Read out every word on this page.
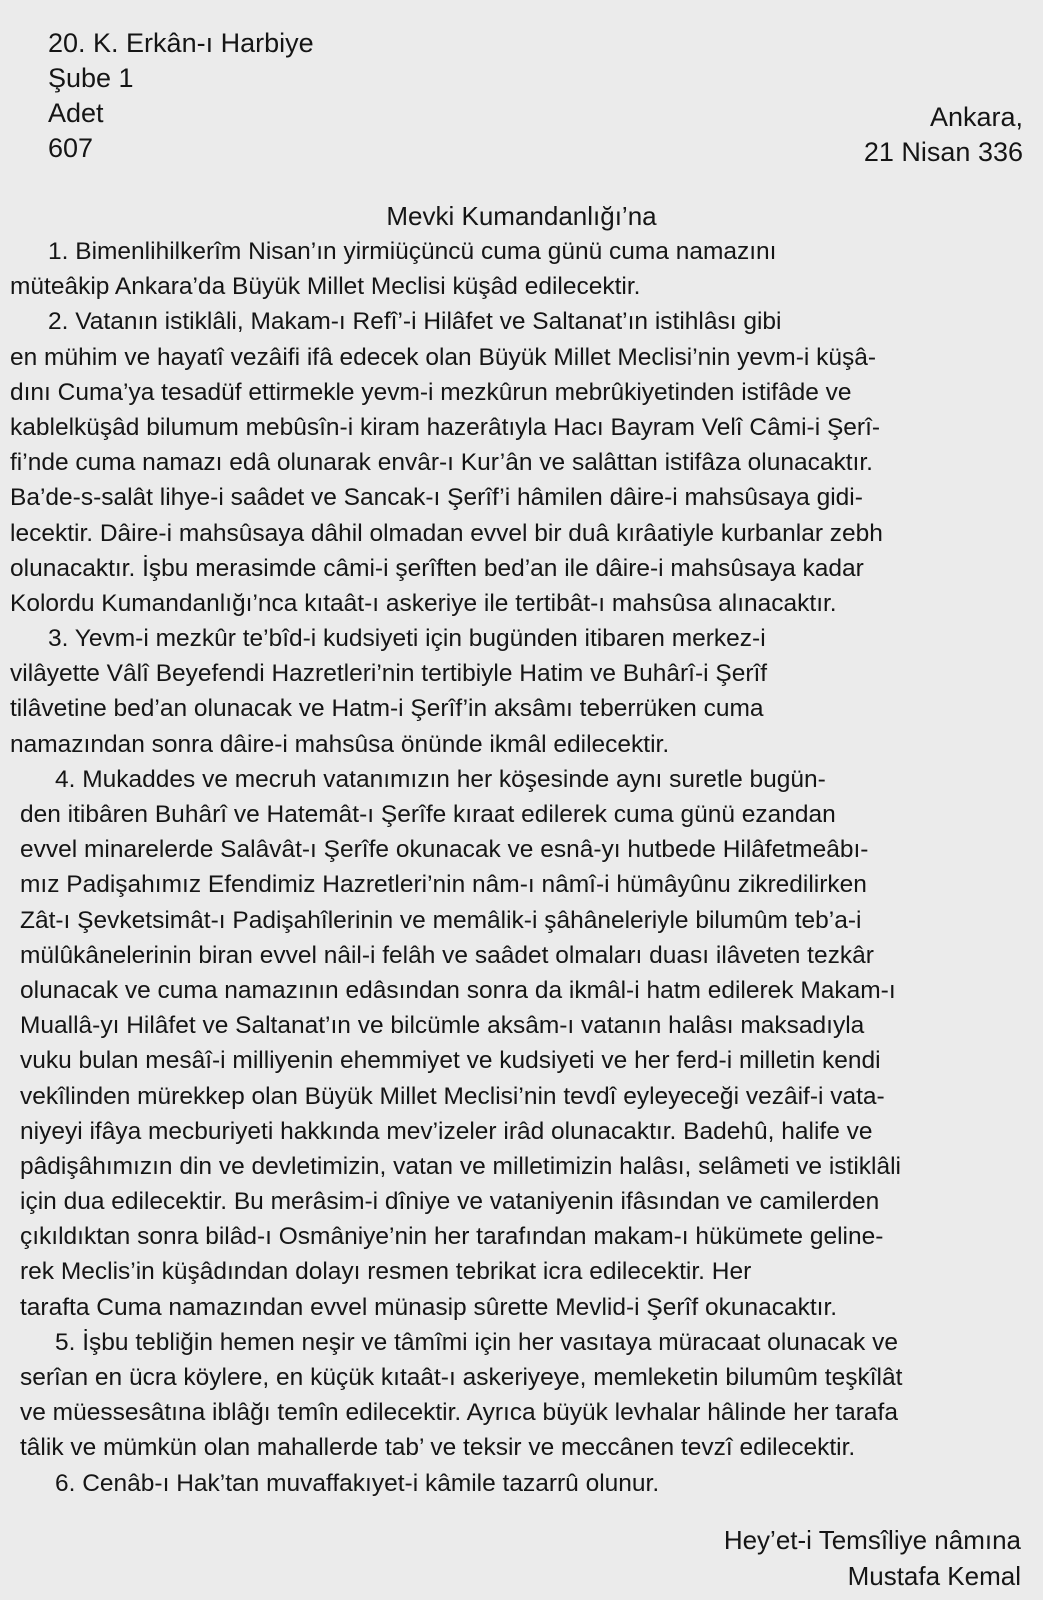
20. K. Erkân-ı Harbiye
Şube 1
Adet
607
Ankara,
21 Nisan 336
Mevki Kumandanlığı’na
1. Bimenlihilkerîm Nisan’ın yirmiüçüncü cuma günü cuma namazını
müteâkip Ankara’da Büyük Millet Meclisi küşâd edilecektir.
2. Vatanın istiklâli, Makam-ı Refî’-i Hilâfet ve Saltanat’ın istihlâsı gibi
en mühim ve hayatî vezâifi ifâ edecek olan Büyük Millet Meclisi’nin yevm-i küşâ-
dını Cuma’ya tesadüf ettirmekle yevm-i mezkûrun mebrûkiyetinden istifâde ve
kablelküşâd bilumum mebûsîn-i kiram hazerâtıyla Hacı Bayram Velî Câmi-i Şerî-
fi’nde cuma namazı edâ olunarak envâr-ı Kur’ân ve salâttan istifâza olunacaktır.
Ba’de-s-salât lihye-i saâdet ve Sancak-ı Şerîf’i hâmilen dâire-i mahsûsaya gidi-
lecektir. Dâire-i mahsûsaya dâhil olmadan evvel bir duâ kırâatiyle kurbanlar zebh
olunacaktır. İşbu merasimde câmi-i şerîften bed’an ile dâire-i mahsûsaya kadar
Kolordu Kumandanlığı’nca kıtaât-ı askeriye ile tertibât-ı mahsûsa alınacaktır.
3. Yevm-i mezkûr te’bîd-i kudsiyeti için bugünden itibaren merkez-i
vilâyette Vâlî Beyefendi Hazretleri’nin tertibiyle Hatim ve Buhârî-i Şerîf
tilâvetine bed’an olunacak ve Hatm-i Şerîf’in aksâmı teberrüken cuma
namazından sonra dâire-i mahsûsa önünde ikmâl edilecektir.
4. Mukaddes ve mecruh vatanımızın her köşesinde aynı suretle bugün-
den itibâren Buhârî ve Hatemât-ı Şerîfe kıraat edilerek cuma günü ezandan
evvel minarelerde Salâvât-ı Şerîfe okunacak ve esnâ-yı hutbede Hilâfetmeâbı-
mız Padişahımız Efendimiz Hazretleri’nin nâm-ı nâmî-i hümâyûnu zikredilirken
Zât-ı Şevketsimât-ı Padişahîlerinin ve memâlik-i şâhâneleriyle bilumûm teb’a-i
mülûkânelerinin biran evvel nâil-i felâh ve saâdet olmaları duası ilâveten tezkâr
olunacak ve cuma namazının edâsından sonra da ikmâl-i hatm edilerek Makam-ı
Muallâ-yı Hilâfet ve Saltanat’ın ve bilcümle aksâm-ı vatanın halâsı maksadıyla
vuku bulan mesâî-i milliyenin ehemmiyet ve kudsiyeti ve her ferd-i milletin kendi
vekîlinden mürekkep olan Büyük Millet Meclisi’nin tevdî eyleyeceği vezâif-i vata-
niyeyi ifâya mecburiyeti hakkında mev’izeler irâd olunacaktır. Badehû, halife ve
pâdişâhımızın din ve devletimizin, vatan ve milletimizin halâsı, selâmeti ve istiklâli
için dua edilecektir. Bu merâsim-i dîniye ve vataniyenin ifâsından ve camilerden
çıkıldıktan sonra bilâd-ı Osmâniye’nin her tarafından makam-ı hükümete geline-
rek Meclis’in küşâdından dolayı resmen tebrikat icra edilecektir. Her
tarafta Cuma namazından evvel münasip sûrette Mevlid-i Şerîf okunacaktır.
5. İşbu tebliğin hemen neşir ve tâmîmi için her vasıtaya müracaat olunacak ve
serîan en ücra köylere, en küçük kıtaât-ı askeriyeye, memleketin bilumûm teşkîlât
ve müessesâtına iblâğı temîn edilecektir. Ayrıca büyük levhalar hâlinde her tarafa
tâlik ve mümkün olan mahallerde tab’ ve teksir ve meccânen tevzî edilecektir.
6. Cenâb-ı Hak’tan muvaffakıyet-i kâmile tazarrû olunur.
Hey’et-i Temsîliye nâmına
Mustafa Kemal
